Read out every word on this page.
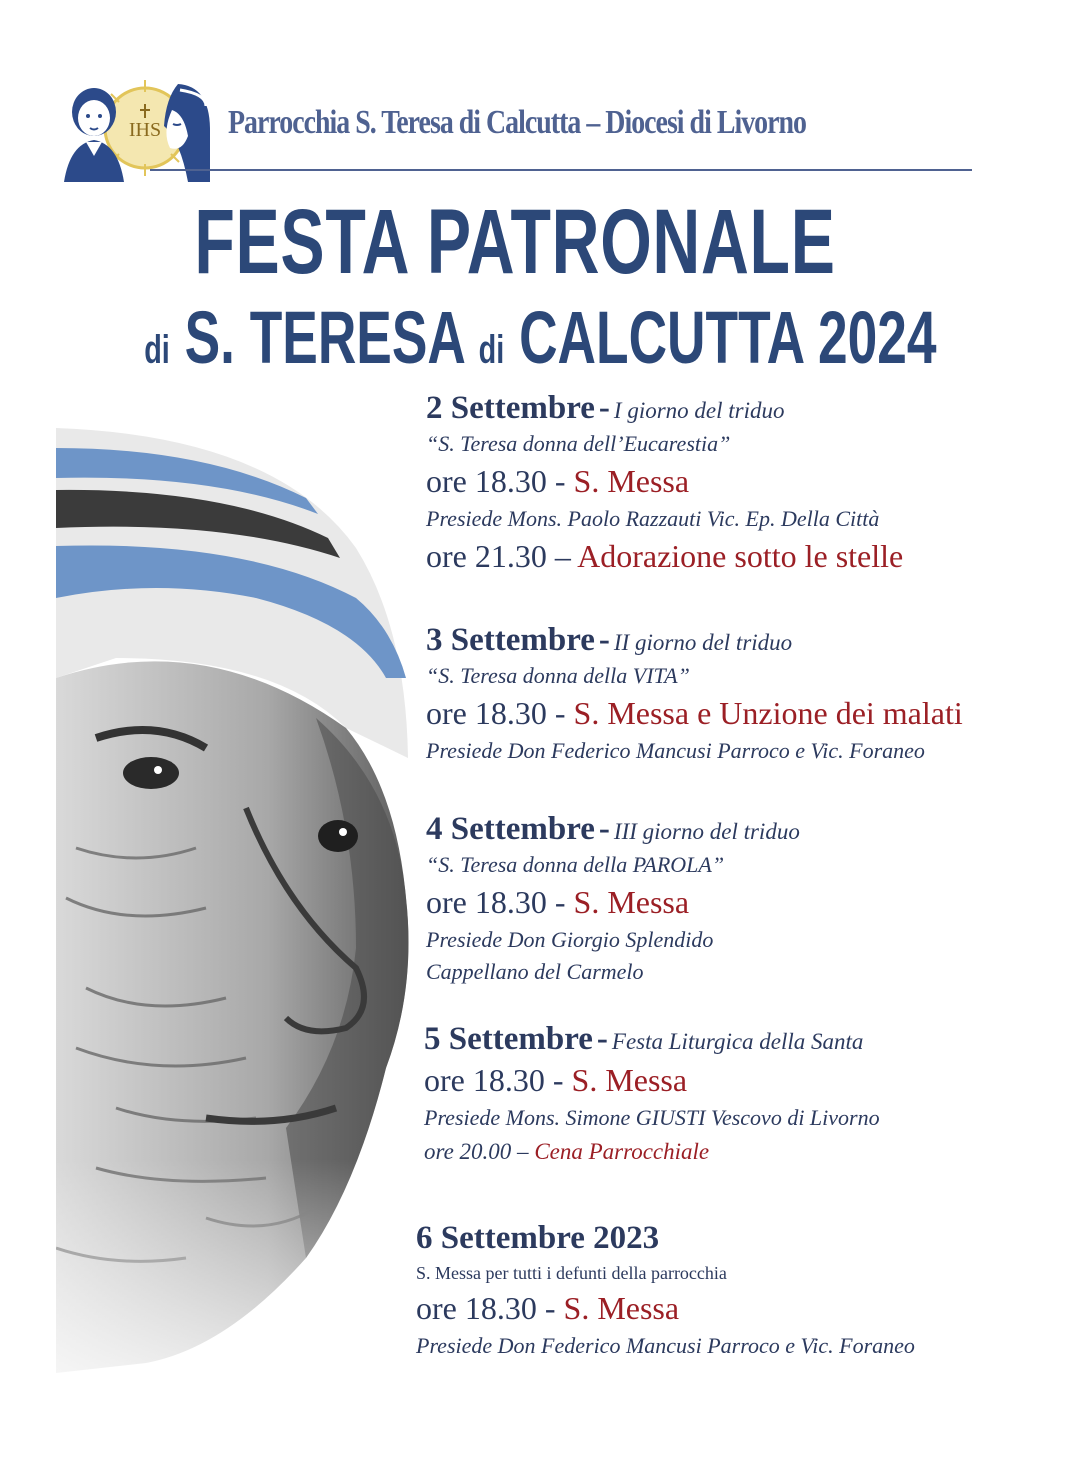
IHS Parrocchia S. Teresa di Calcutta – Diocesi di Livorno
FESTA PATRONALE
di S. TERESA di CALCUTTA 2024
2 Settembre - I giorno del triduo
“S. Teresa donna dell’Eucarestia”
ore 18.30 - S. Messa
Presiede Mons. Paolo Razzauti Vic. Ep. Della Città
ore 21.30 – Adorazione sotto le stelle
3 Settembre - II giorno del triduo
“S. Teresa donna della VITA”
ore 18.30 - S. Messa e Unzione dei malati
Presiede Don Federico Mancusi Parroco e Vic. Foraneo
4 Settembre - III giorno del triduo
“S. Teresa donna della PAROLA”
ore 18.30 - S. Messa
Presiede Don Giorgio Splendido
Cappellano del Carmelo
5 Settembre - Festa Liturgica della Santa
ore 18.30 - S. Messa
Presiede Mons. Simone GIUSTI Vescovo di Livorno
ore 20.00 – Cena Parrocchiale
6 Settembre 2023
S. Messa per tutti i defunti della parrocchia
ore 18.30 - S. Messa
Presiede Don Federico Mancusi Parroco e Vic. Foraneo
